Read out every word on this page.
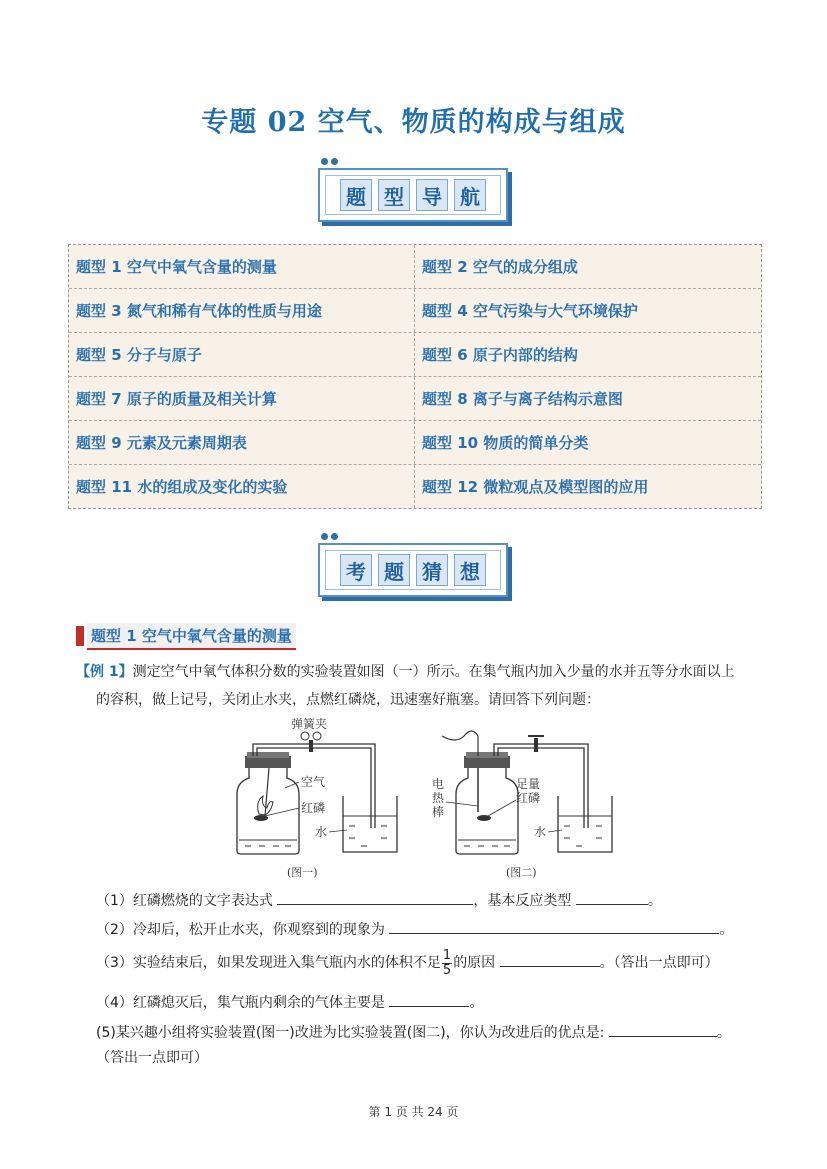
专题 02 空气、物质的构成与组成
题 型 导 航
题型 1 空气中氧气含量的测量	题型 2 空气的成分组成
题型 3 氮气和稀有气体的性质与用途	题型 4 空气污染与大气环境保护
题型 5 分子与原子	题型 6 原子内部的结构
题型 7 原子的质量及相关计算	题型 8 离子与离子结构示意图
题型 9 元素及元素周期表	题型 10 物质的简单分类
题型 11 水的组成及变化的实验	题型 12 微粒观点及模型图的应用
考 题 猜 想
题型 1 空气中氧气含量的测量
【例 1】测定空气中氧气体积分数的实验装置如图（一）所示。在集气瓶内加入少量的水并五等分水面以上
的容积，做上记号，关闭止水夹，点燃红磷烧，迅速塞好瓶塞。请回答下列问题：
弹簧夹
空气
红磷
水
(图一)
电
热
棒
足量
红磷
水
(图二)
（1）红磷燃烧的文字表达式	，基本反应类型	。
（2）冷却后，松开止水夹，你观察到的现象为	。
（3）实验结束后，如果发现进入集气瓶内水的体积不足 $\frac{1}{5}$ 的原因	。（答出一点即可）
（4）红磷熄灭后，集气瓶内剩余的气体主要是	。
(5)某兴趣小组将实验装置(图一)改进为比实验装置(图二)，你认为改进后的优点是:	。
（答出一点即可）
第 1 页 共 24 页
